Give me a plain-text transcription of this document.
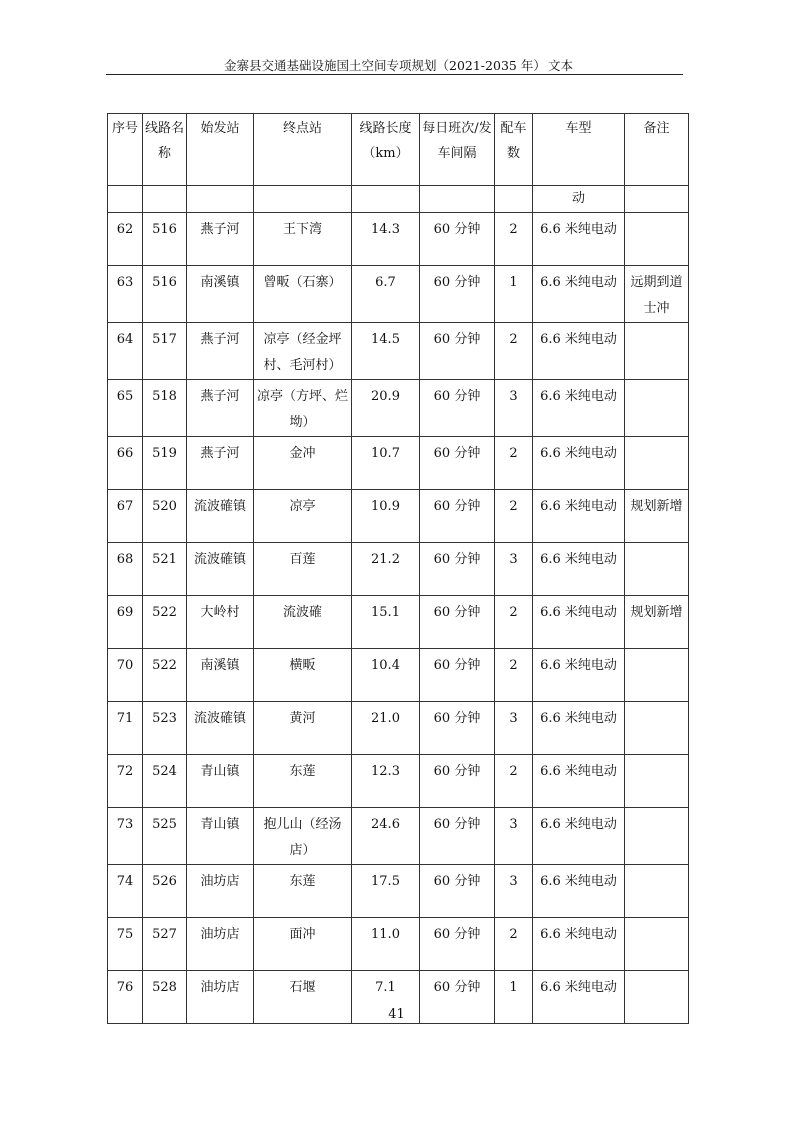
金寨县交通基础设施国土空间专项规划（2021-2035 年） 文本
序号	线路名称	始发站	终点站	线路长度（km）	每日班次/发车间隔	配车数	车型	备注
							动	
62	516	燕子河	王下湾	14.3	60 分钟	2	6.6 米纯电动	
63	516	南溪镇	曾畈（石寨）	6.7	60 分钟	1	6.6 米纯电动	远期到道士冲
64	517	燕子河	凉亭（经金坪村、毛河村）	14.5	60 分钟	2	6.6 米纯电动	
65	518	燕子河	凉亭（方坪、烂坳）	20.9	60 分钟	3	6.6 米纯电动	
66	519	燕子河	金冲	10.7	60 分钟	2	6.6 米纯电动	
67	520	流波確镇	凉亭	10.9	60 分钟	2	6.6 米纯电动	规划新增
68	521	流波確镇	百莲	21.2	60 分钟	3	6.6 米纯电动	
69	522	大岭村	流波確	15.1	60 分钟	2	6.6 米纯电动	规划新增
70	522	南溪镇	横畈	10.4	60 分钟	2	6.6 米纯电动	
71	523	流波確镇	黄河	21.0	60 分钟	3	6.6 米纯电动	
72	524	青山镇	东莲	12.3	60 分钟	2	6.6 米纯电动	
73	525	青山镇	抱儿山（经汤店）	24.6	60 分钟	3	6.6 米纯电动	
74	526	油坊店	东莲	17.5	60 分钟	3	6.6 米纯电动	
75	527	油坊店	面冲	11.0	60 分钟	2	6.6 米纯电动	
76	528	油坊店	石堰	7.1	60 分钟	1	6.6 米纯电动	
41
